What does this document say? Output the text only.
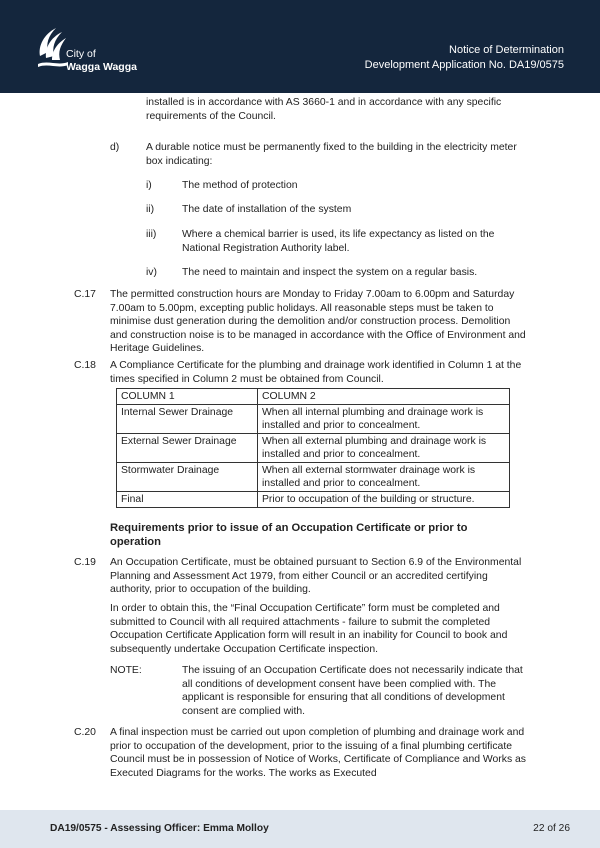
City of
Wagga Wagga
Notice of Determination
Development Application No. DA19/0575

installed is in accordance with AS 3660-1 and in accordance with any specific requirements of the Council.

d)	A durable notice must be permanently fixed to the building in the electricity meter box indicating:

i)	The method of protection

ii)	The date of installation of the system

iii) Where a chemical barrier is used, its life expectancy as listed on the National Registration Authority label.

iv) The need to maintain and inspect the system on a regular basis.

C.17 The permitted construction hours are Monday to Friday 7.00am to 6.00pm and Saturday 7.00am to 5.00pm, excepting public holidays. All reasonable steps must be taken to minimise dust generation during the demolition and/or construction process. Demolition and construction noise is to be managed in accordance with the Office of Environment and Heritage Guidelines.

C.18 A Compliance Certificate for the plumbing and drainage work identified in Column 1 at the times specified in Column 2 must be obtained from Council.

COLUMN 1	COLUMN 2
Internal Sewer Drainage	When all internal plumbing and drainage work is installed and prior to concealment.
External Sewer Drainage	When all external plumbing and drainage work is installed and prior to concealment.
Stormwater Drainage	When all external stormwater drainage work is installed and prior to concealment.
Final	Prior to occupation of the building or structure.

Requirements prior to issue of an Occupation Certificate or prior to operation

C.19 An Occupation Certificate, must be obtained pursuant to Section 6.9 of the Environmental Planning and Assessment Act 1979, from either Council or an accredited certifying authority, prior to occupation of the building.

In order to obtain this, the “Final Occupation Certificate” form must be completed and submitted to Council with all required attachments - failure to submit the completed Occupation Certificate Application form will result in an inability for Council to book and subsequently undertake Occupation Certificate inspection.

NOTE:	The issuing of an Occupation Certificate does not necessarily indicate that all conditions of development consent have been complied with. The applicant is responsible for ensuring that all conditions of development consent are complied with.

C.20 A final inspection must be carried out upon completion of plumbing and drainage work and prior to occupation of the development, prior to the issuing of a final plumbing certificate Council must be in possession of Notice of Works, Certificate of Compliance and Works as Executed Diagrams for the works. The works as Executed

DA19/0575 - Assessing Officer: Emma Molloy	22 of 26
